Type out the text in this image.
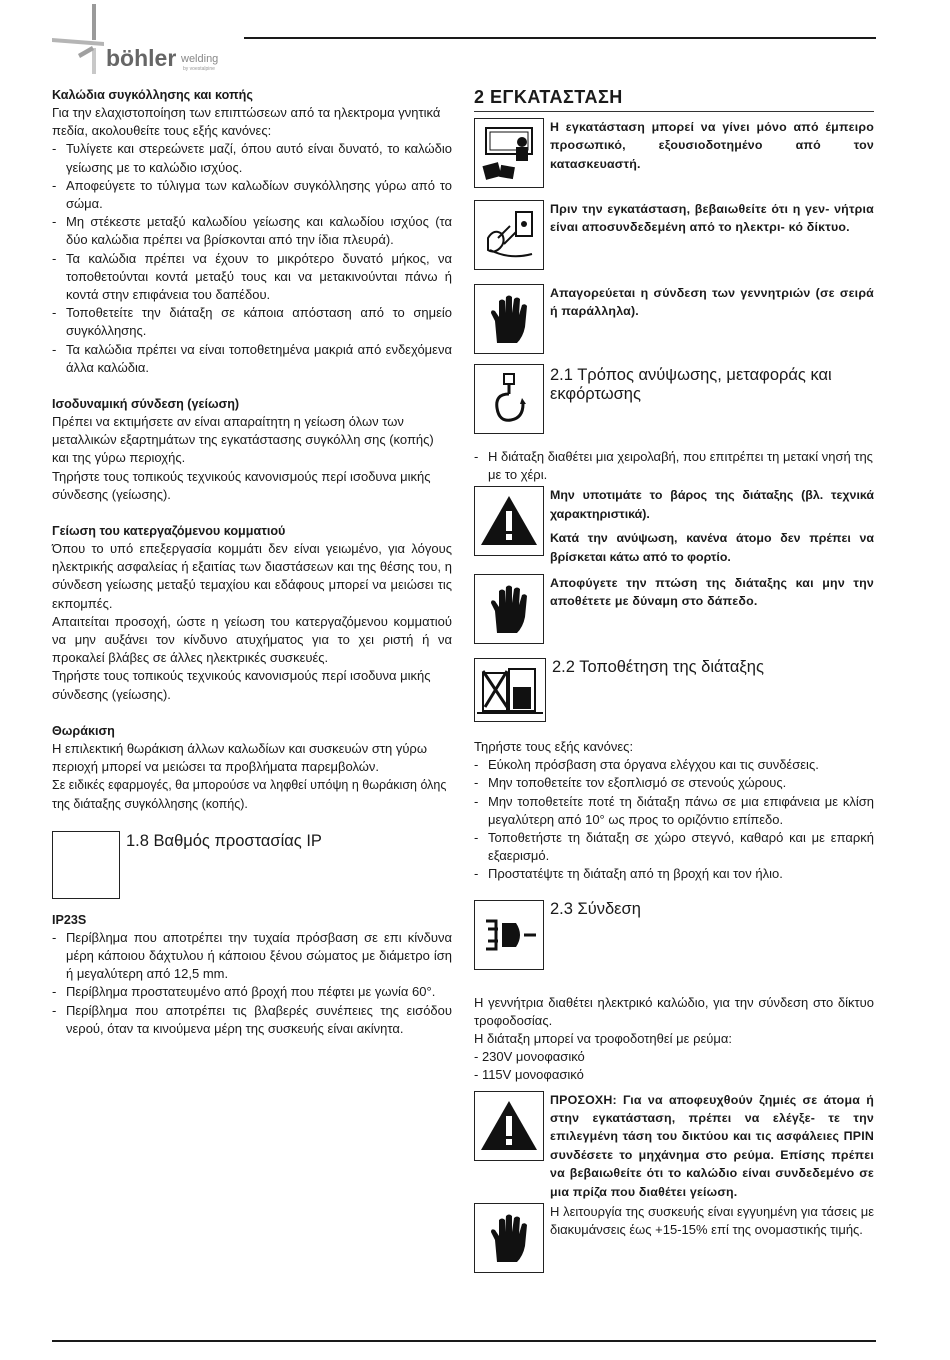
böhler welding
by voestalpine

Καλώδια συγκόλλησης και κοπής

Για την ελαχιστοποίηση των επιπτώσεων από τα ηλεκτρομα γνητικά πεδία, ακολουθείτε τους εξής κανόνες:

- Τυλίγετε και στερεώνετε μαζί, όπου αυτό είναι δυνατό, το καλώδιο γείωσης με το καλώδιο ισχύος.
- Αποφεύγετε το τύλιγμα των καλωδίων συγκόλλησης γύρω από το σώμα.
- Μη στέκεστε μεταξύ καλωδίου γείωσης και καλωδίου ισχύος (τα δύο καλώδια πρέπει να βρίσκονται από την ίδια πλευρά).
- Τα καλώδια πρέπει να έχουν το μικρότερο δυνατό μήκος, να τοποθετούνται κοντά μεταξύ τους και να μετακινούνται πάνω ή κοντά στην επιφάνεια του δαπέδου.
- Τοποθετείτε την διάταξη σε κάποια απόσταση από το σημείο συγκόλλησης.
- Τα καλώδια πρέπει να είναι τοποθετημένα μακριά από ενδεχόμενα άλλα καλώδια.

Ισοδυναμική σύνδεση (γείωση)

Πρέπει να εκτιμήσετε αν είναι απαραίτητη η γείωση όλων των μεταλλικών εξαρτημάτων της εγκατάστασης συγκόλλη σης (κοπής) και της γύρω περιοχής.

Τηρήστε τους τοπικούς τεχνικούς κανονισμούς περί ισοδυνα μικής σύνδεσης (γείωσης).

Γείωση του κατεργαζόμενου κομματιού

Όπου το υπό επεξεργασία κομμάτι δεν είναι γειωμένο, για λόγους ηλεκτρικής ασφαλείας ή εξαιτίας των διαστάσεων και της θέσης του, η σύνδεση γείωσης μεταξύ τεμαχίου και εδάφους μπορεί να μειώσει τις εκπομπές.

Απαιτείται προσοχή, ώστε η γείωση του κατεργαζόμενου κομματιού να μην αυξάνει τον κίνδυνο ατυχήματος για το χει ριστή ή να προκαλεί βλάβες σε άλλες ηλεκτρικές συσκευές.

Τηρήστε τους τοπικούς τεχνικούς κανονισμούς περί ισοδυνα μικής σύνδεσης (γείωσης).

Θωράκιση

Η επιλεκτική θωράκιση άλλων καλωδίων και συσκευών στη γύρω περιοχή μπορεί να μειώσει τα προβλήματα παρεμβολών.

Σε ειδικές εφαρμογές, θα μπορούσε να ληφθεί υπόψη η θωράκιση όλης της διάταξης συγκόλλησης (κοπής).

1.8 Βαθμός προστασίας IP

IP23S

- Περίβλημα που αποτρέπει την τυχαία πρόσβαση σε επι κίνδυνα μέρη κάποιου δάχτυλου ή κάποιου ξένου σώματος με διάμετρο ίση ή μεγαλύτερη από 12,5 mm.
- Περίβλημα προστατευμένο από βροχή που πέφτει με γωνία 60°.
- Περίβλημα που αποτρέπει τις βλαβερές συνέπειες της εισόδου νερού, όταν τα κινούμενα μέρη της συσκευής είναι ακίνητα.
2 ΕΓΚΑΤΑΣΤΑΣΗ
Η εγκατάσταση μπορεί να γίνει μόνο από έμπειρο προσωπικό, εξουσιοδοτημένο από τον κατασκευαστή.
Πριν την εγκατάσταση, βεβαιωθείτε ότι η γεν- νήτρια είναι αποσυνδεδεμένη από το ηλεκτρι- κό δίκτυο.
Απαγορεύεται η σύνδεση των γεννητριών (σε σειρά ή παράλληλα).
2.1 Τρόπος ανύψωσης, μεταφοράς και εκφόρτωσης
- Η διάταξη διαθέτει μια χειρολαβή, που επιτρέπει τη μετακί νησή της με το χέρι.

Μην υποτιμάτε το βάρος της διάταξης (βλ. τεχνικά χαρακτηριστικά).

Κατά την ανύψωση, κανένα άτομο δεν πρέπει να βρίσκεται κάτω από το φορτίο.

Αποφύγετε την πτώση της διάταξης και μην την αποθέτετε με δύναμη στο δάπεδο.
2.2 Τοποθέτηση της διάταξης

Τηρήστε τους εξής κανόνες:

- Εύκολη πρόσβαση στα όργανα ελέγχου και τις συνδέσεις.
- Μην τοποθετείτε τον εξοπλισμό σε στενούς χώρους.
- Μην τοποθετείτε ποτέ τη διάταξη πάνω σε μια επιφάνεια με κλίση μεγαλύτερη από 10° ως προς το οριζόντιο επίπεδο.
- Τοποθετήστε τη διάταξη σε χώρο στεγνό, καθαρό και με επαρκή εξαερισμό.
- Προστατέψτε τη διάταξη από τη βροχή και τον ήλιο.
2.3 Σύνδεση

Η γεννήτρια διαθέτει ηλεκτρικό καλώδιο, για την σύνδεση στο δίκτυο τροφοδοσίας.

Η διάταξη μπορεί να τροφοδοτηθεί με ρεύμα:

- 230V μονοφασικό

- 115V μονοφασικό

ΠΡΟΣΟΧΗ: Για να αποφευχθούν ζημιές σε άτομα ή στην εγκατάσταση, πρέπει να ελέγξε- τε την επιλεγμένη τάση του δικτύου και τις ασφάλειες ΠΡΙΝ συνδέσετε το μηχάνημα στο ρεύμα. Επίσης πρέπει να βεβαιωθείτε ότι το καλώδιο είναι συνδεδεμένο σε μια πρίζα που διαθέτει γείωση.

Η λειτουργία της συσκευής είναι εγγυημένη για τάσεις με διακυμάνσεις έως +15-15% επί της ονομαστικής τιμής.
